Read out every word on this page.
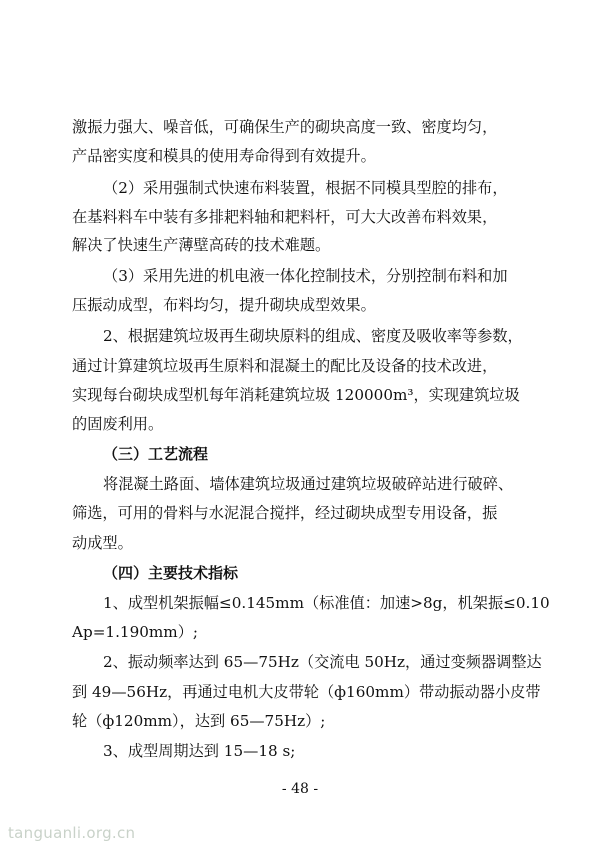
激振力强大、噪音低，可确保生产的砌块高度一致、密度均匀，
产品密实度和模具的使用寿命得到有效提升。
（2）采用强制式快速布料装置，根据不同模具型腔的排布，
在基料料车中装有多排耙料轴和耙料杆，可大大改善布料效果，
解决了快速生产薄壁高砖的技术难题。
（3）采用先进的机电液一体化控制技术，分别控制布料和加
压振动成型，布料均匀，提升砌块成型效果。
2、根据建筑垃圾再生砌块原料的组成、密度及吸收率等参数，
通过计算建筑垃圾再生原料和混凝土的配比及设备的技术改进，
实现每台砌块成型机每年消耗建筑垃圾 120000m³，实现建筑垃圾
的固废利用。
（三）工艺流程
将混凝土路面、墙体建筑垃圾通过建筑垃圾破碎站进行破碎、
筛选，可用的骨料与水泥混合搅拌，经过砌块成型专用设备，振
动成型。
（四）主要技术指标
1、成型机架振幅≤0.145mm（标准值：加速>8g，机架振≤0.10
Ap=1.190mm）;
2、振动频率达到 65—75Hz（交流电 50Hz，通过变频器调整达
到 49—56Hz，再通过电机大皮带轮（ф160mm）带动振动器小皮带
轮（ф120mm），达到 65—75Hz）;
3、成型周期达到 15—18 s;
- 48 -
tanguanli.org.cn
